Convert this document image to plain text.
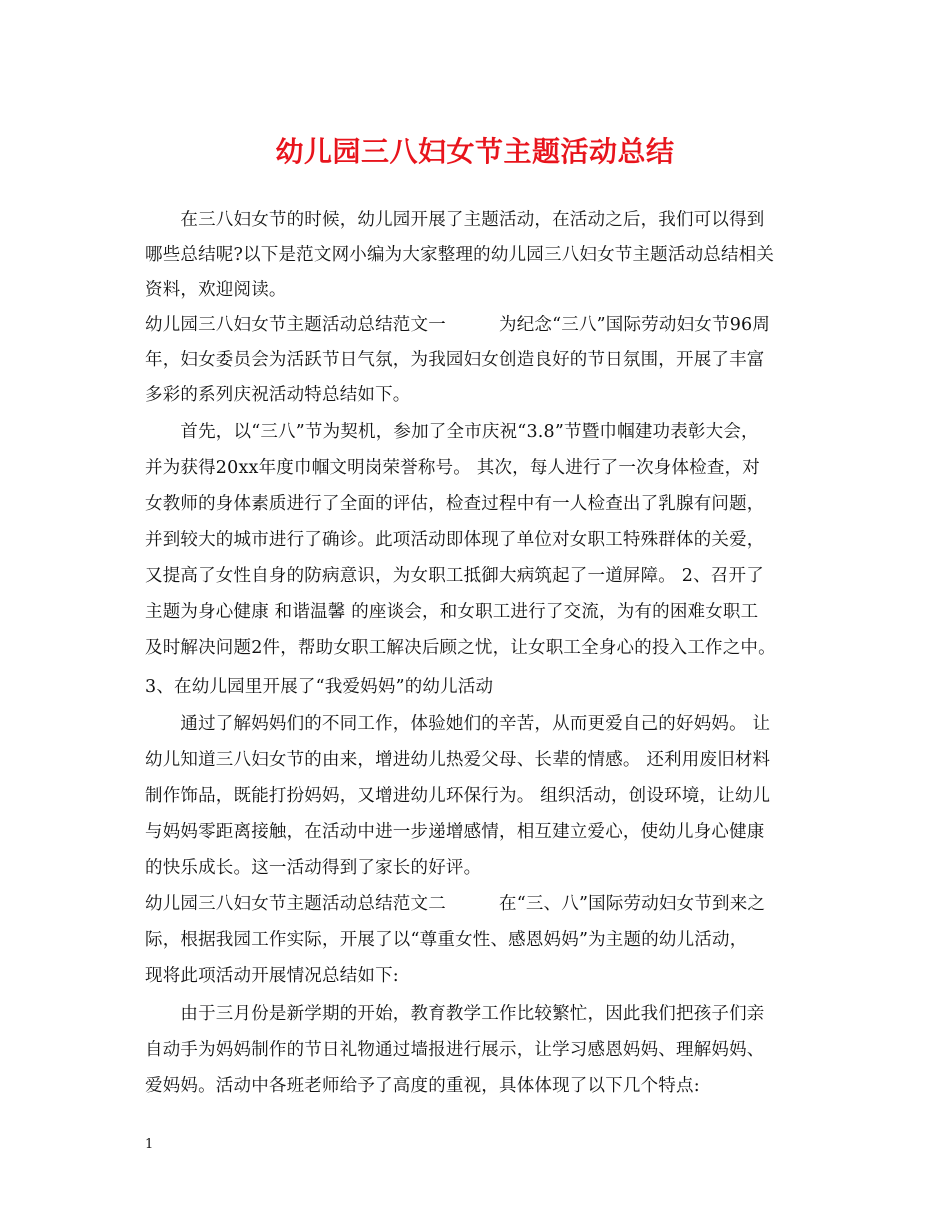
幼儿园三八妇女节主题活动总结
　　在三八妇女节的时候，幼儿园开展了主题活动，在活动之后，我们可以得到
哪些总结呢?以下是范文网小编为大家整理的幼儿园三八妇女节主题活动总结相关
资料，欢迎阅读。
幼儿园三八妇女节主题活动总结范文一　　　为纪念“三八”国际劳动妇女节96周
年，妇女委员会为活跃节日气氛，为我园妇女创造良好的节日氛围，开展了丰富
多彩的系列庆祝活动特总结如下。
　　首先，以“三八”节为契机，参加了全市庆祝“3.8”节暨巾帼建功表彰大会，
并为获得20xx年度巾帼文明岗荣誉称号。 其次，每人进行了一次身体检查，对
女教师的身体素质进行了全面的评估，检查过程中有一人检查出了乳腺有问题，
并到较大的城市进行了确诊。此项活动即体现了单位对女职工特殊群体的关爱，
又提高了女性自身的防病意识，为女职工抵御大病筑起了一道屏障。 2、召开了
主题为身心健康 和谐温馨 的座谈会，和女职工进行了交流，为有的困难女职工
及时解决问题2件，帮助女职工解决后顾之忧，让女职工全身心的投入工作之中。
3、在幼儿园里开展了“我爱妈妈”的幼儿活动
　　通过了解妈妈们的不同工作，体验她们的辛苦，从而更爱自己的好妈妈。 让
幼儿知道三八妇女节的由来，增进幼儿热爱父母、长辈的情感。 还利用废旧材料
制作饰品，既能打扮妈妈，又增进幼儿环保行为。 组织活动，创设环境，让幼儿
与妈妈零距离接触，在活动中进一步递增感情，相互建立爱心，使幼儿身心健康
的快乐成长。这一活动得到了家长的好评。
幼儿园三八妇女节主题活动总结范文二　　　在“三、八”国际劳动妇女节到来之
际，根据我园工作实际，开展了以“尊重女性、感恩妈妈”为主题的幼儿活动，
现将此项活动开展情况总结如下:
　　由于三月份是新学期的开始，教育教学工作比较繁忙，因此我们把孩子们亲
自动手为妈妈制作的节日礼物通过墙报进行展示，让学习感恩妈妈、理解妈妈、
爱妈妈。活动中各班老师给予了高度的重视，具体体现了以下几个特点:
1
